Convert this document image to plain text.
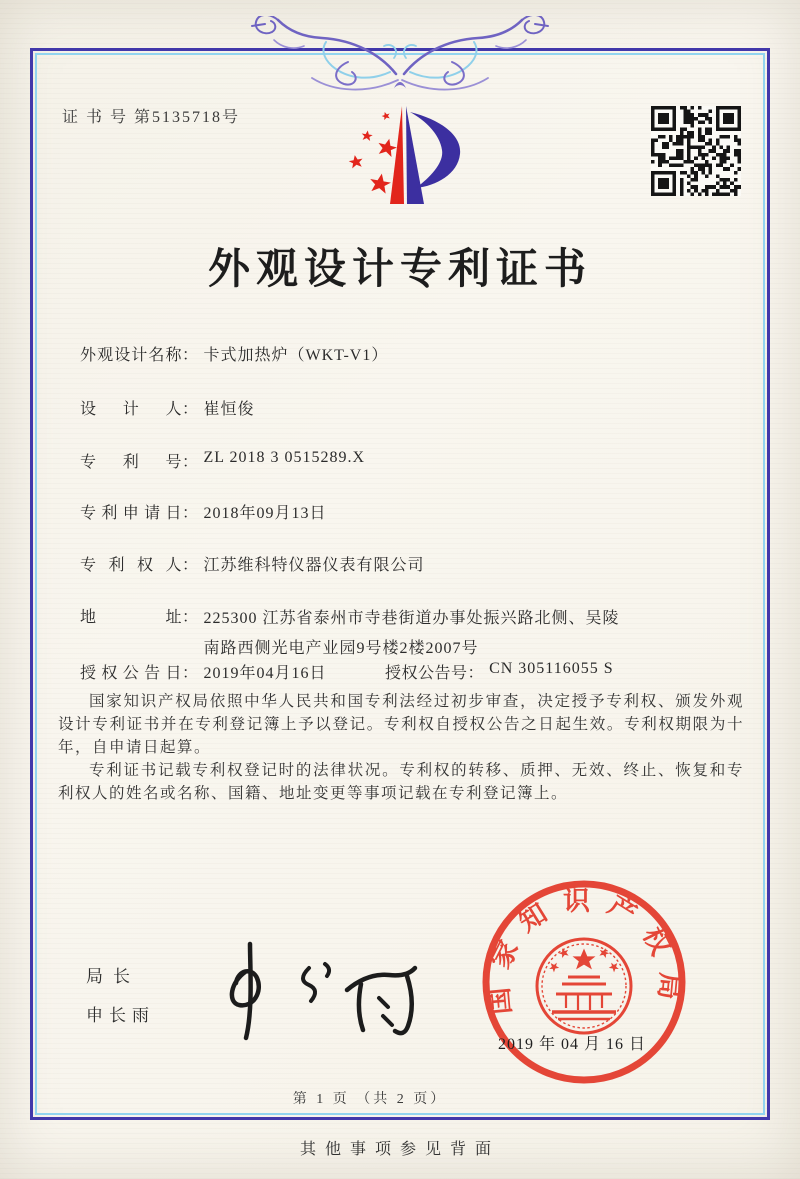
证 书 号 第5135718号
外观设计专利证书
外观设计名称： 卡式加热炉（WKT-V1）
设计人： 崔恒俊
专利号： ZL 2018 3 0515289.X
专利申请日： 2018年09月13日
专利权人： 江苏维科特仪器仪表有限公司
地址： 225300 江苏省泰州市寺巷街道办事处振兴路北侧、吴陵
南路西侧光电产业园9号楼2楼2007号
授权公告日： 2019年04月16日	授权公告号： CN 305116055 S

国家知识产权局依照中华人民共和国专利法经过初步审查，决定授予专利权、颁发外观设计专利证书并在专利登记簿上予以登记。专利权自授权公告之日起生效。专利权期限为十年，自申请日起算。

专利证书记载专利权登记时的法律状况。专利权的转移、质押、无效、终止、恢复和专利权人的姓名或名称、国籍、地址变更等事项记载在专利登记簿上。

局长
申长雨	国家知识产权局
2019 年 04 月 16 日
第 1 页 （共 2 页）
其他事项参见背面
